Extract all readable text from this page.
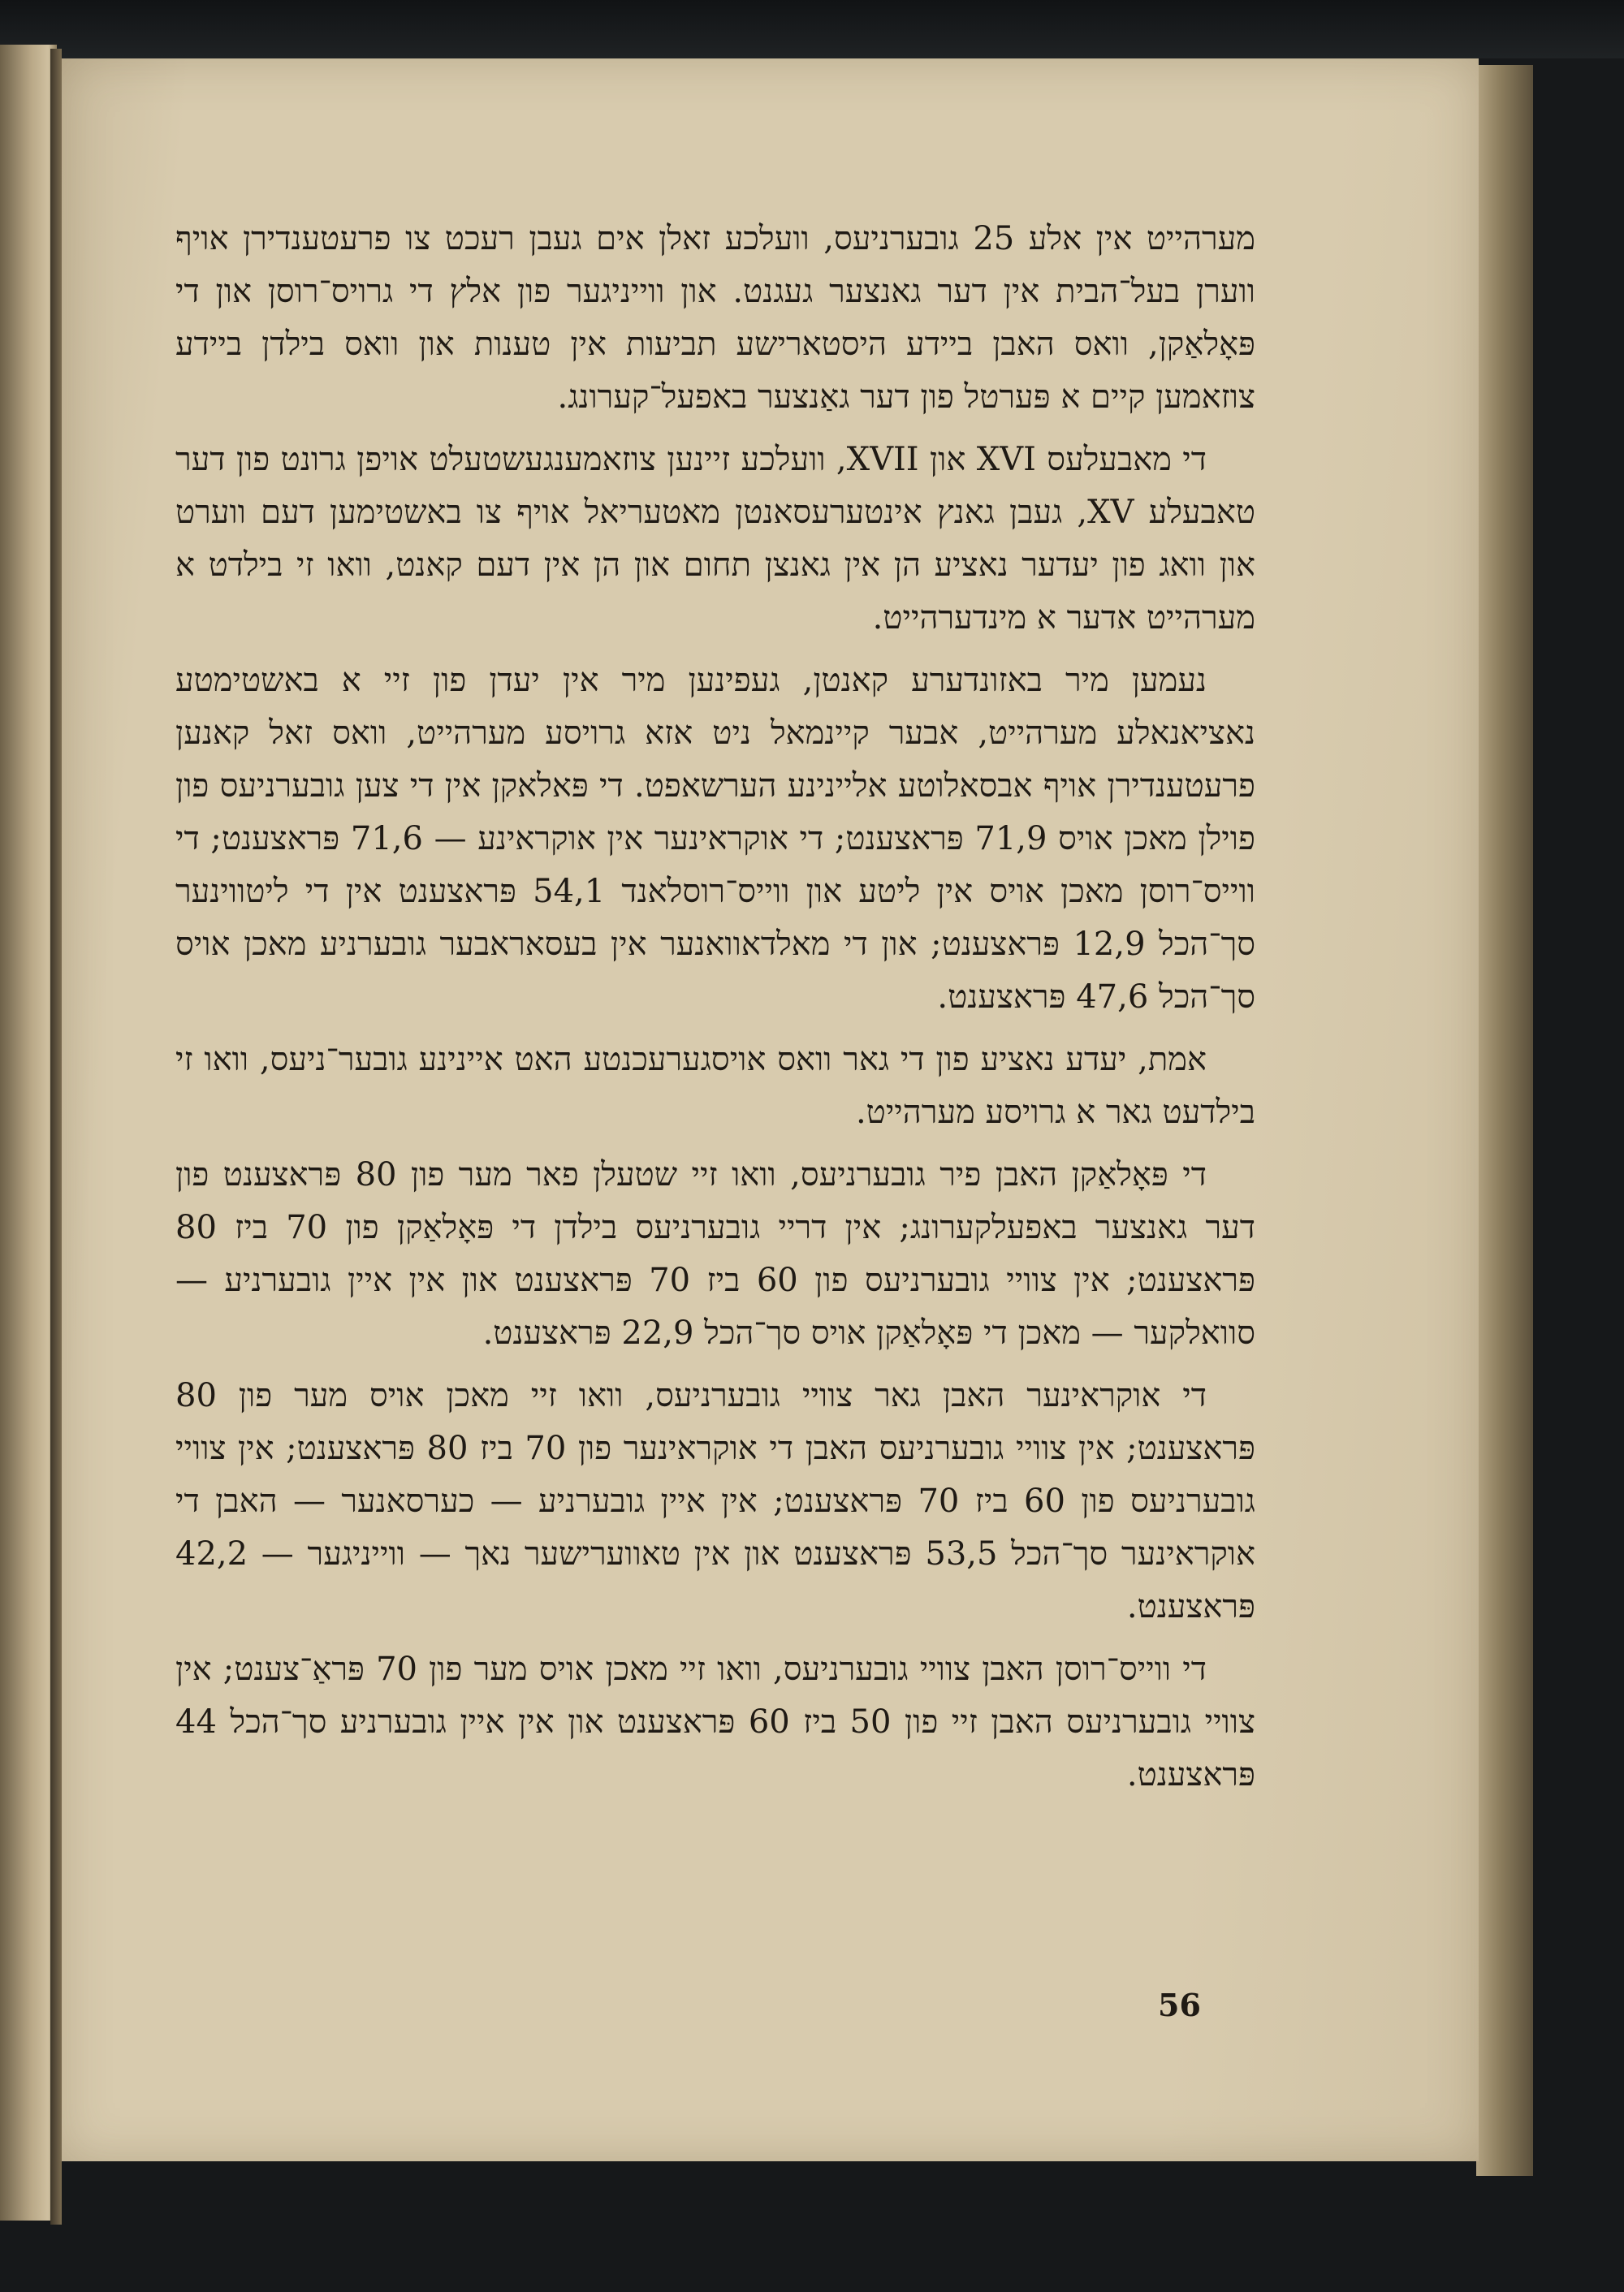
מערהייט אין אלע 25 גובערניעס, וועלכע זאלן אים געבן רעכט צו פרעטענדירן אויף ווערן בעל־הבית אין דער גאנצער געגנט. און ווייניגער פון אלץ די גרויס־רוסן און די פּאָלאַקן, וואס האבן ביידע היסטארישע תביעות אין טענות און וואס בילדן ביידע צוזאמען קיים א פּערטל פון דער גאַנצער באפעל־קערונג.

די מאבעלעס XVI און XVII, וועלכע זיינען צוזאמענגעשטעלט אויפן גרונט פון דער טאבעלע XV, געבן גאנץ אינטערעסאנטן מאטעריאל אויף צו באשטימען דעם ווערט און וואג פון יעדער נאציע הן אין גאנצן תחום און הן אין דעם קאנט, וואו זי בילדט א מערהייט אדער א מינדערהייט.

נעמען מיר באזונדערע קאנטן, געפינען מיר אין יעדן פון זיי א באשטימטע נאציאנאלע מערהייט, אבער קיינמאל ניט אזא גרויסע מערהייט, וואס זאל קאנען פרעטענדירן אויף אבסאלוטע אליינינע הערשאפט. די פּאלאקן אין די צען גובערניעס פון פוילן מאכן אויס 71,9 פּראצענט; די אוקראינער אין אוקראינע — 71,6 פּראצענט; די ווייס־רוסן מאכן אויס אין ליטע און ווייס־רוסלאנד 54,1 פּראצענט אין די ליטווינער סך־הכל 12,9 פּראצענט; און די מאלדאוואנער אין בעסאראבער גובערניע מאכן אויס סך־הכל 47,6 פּראצענט.

אמת, יעדע נאציע פון די גאר וואס אויסגערעכנטע האט איינינע גובער־ניעס, וואו זי בילדעט גאר א גרויסע מערהייט.

די פּאָלאַקן האבן פיר גובערניעס, וואו זיי שטעלן פאר מער פון 80 פּראצענט פון דער גאנצער באפעלקערונג; אין דריי גובערניעס בילדן די פּאָלאַקן פון 70 ביז 80 פּראצענט; אין צוויי גובערניעס פון 60 ביז 70 פּראצענט און אין איין גובערניע — סוואלקער — מאכן די פּאָלאַקן אויס סך־הכל 22,9 פּראצענט.

די אוקראינער האבן גאר צוויי גובערניעס, וואו זיי מאכן אויס מער פון 80 פּראצענט; אין צוויי גובערניעס האבן די אוקראינער פון 70 ביז 80 פּראצענט; אין צוויי גובערניעס פון 60 ביז 70 פּראצענט; אין איין גובערניע — כערסאנער — האבן די אוקראינער סך־הכל 53,5 פּראצענט און אין טאווערישער נאך — ווייניגער — 42,2 פּראצענט.

די ווייס־רוסן האבן צוויי גובערניעס, וואו זיי מאכן אויס מער פון 70 פּראַ־צענט; אין צוויי גובערניעס האבן זיי פון 50 ביז 60 פּראצענט און אין איין גובערניע סך־הכל 44 פּראצענט.

56
